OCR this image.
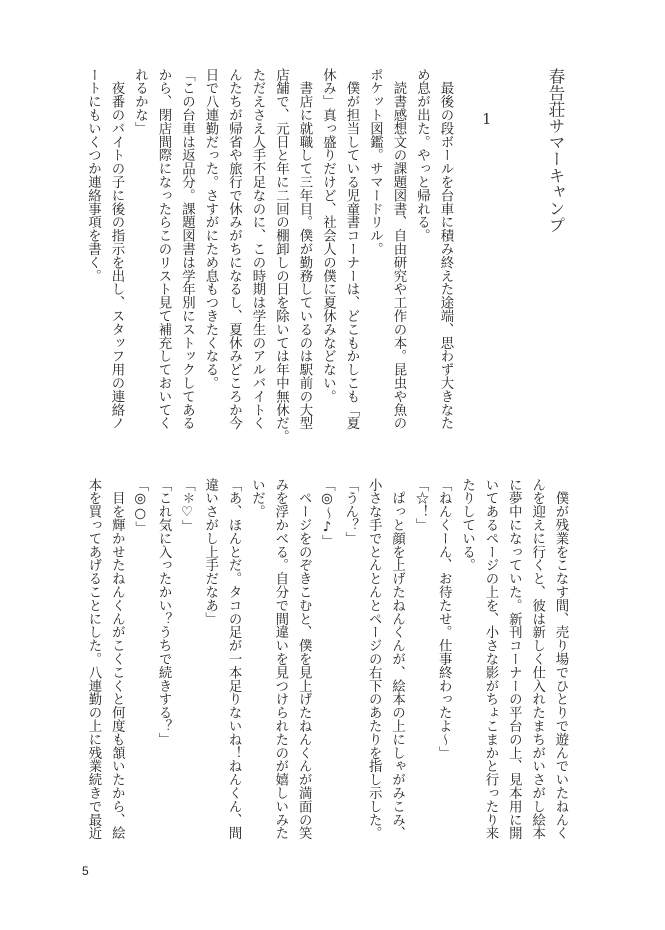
春告荘サマーキャンプ
1
　最後の段ボールを台車に積み終えた途端、思わず大きなた
め息が出た。やっと帰れる。
　読書感想文の課題図書、自由研究や工作の本。昆虫や魚の
ポケット図鑑。サマードリル。
　僕が担当している児童書コーナーは、どこもかしこも「夏
休み」真っ盛りだけど、社会人の僕に夏休みなどない。
　書店に就職して三年目。僕が勤務しているのは駅前の大型
店舗で、元日と年に二回の棚卸しの日を除いては年中無休だ。
ただえさえ人手不足なのに、この時期は学生のアルバイトく
んたちが帰省や旅行で休みがちになるし、夏休みどころか今
日で八連勤だった。さすがにため息もつきたくなる。
「この台車は返品分。課題図書は学年別にストックしてある
から、閉店間際になったらこのリスト見て補充しておいてく
れるかな」
　夜番のバイトの子に後の指示を出し、スタッフ用の連絡ノ
ートにもいくつか連絡事項を書く。
　僕が残業をこなす間、売り場でひとりで遊んでいたねんく
んを迎えに行くと、彼は新しく仕入れたまちがいさがし絵本
に夢中になっていた。新刊コーナーの平台の上、見本用に開
いてあるページの上を、小さな影がちょこまかと行ったり来
たりしている。
「ねんくーん、お待たせ。仕事終わったよ～」
「☆！」
　ぱっと顔を上げたねんくんが、絵本の上にしゃがみこみ、
小さな手でとんとんとページの右下のあたりを指し示した。
「うん？」
「◎～♪」
　ページをのぞきこむと、僕を見上げたねんくんが満面の笑
みを浮かべる。自分で間違いを見つけられたのが嬉しいみた
いだ。
「あ、ほんとだ。タコの足が一本足りないね！ねんくん、間
違いさがし上手だなあ」
「✽♡」
「これ気に入ったかい？うちで続きする？」
「◎○」
　目を輝かせたねんくんがこくこくと何度も頷いたから、絵
本を買ってあげることにした。八連勤の上に残業続きで最近
5
